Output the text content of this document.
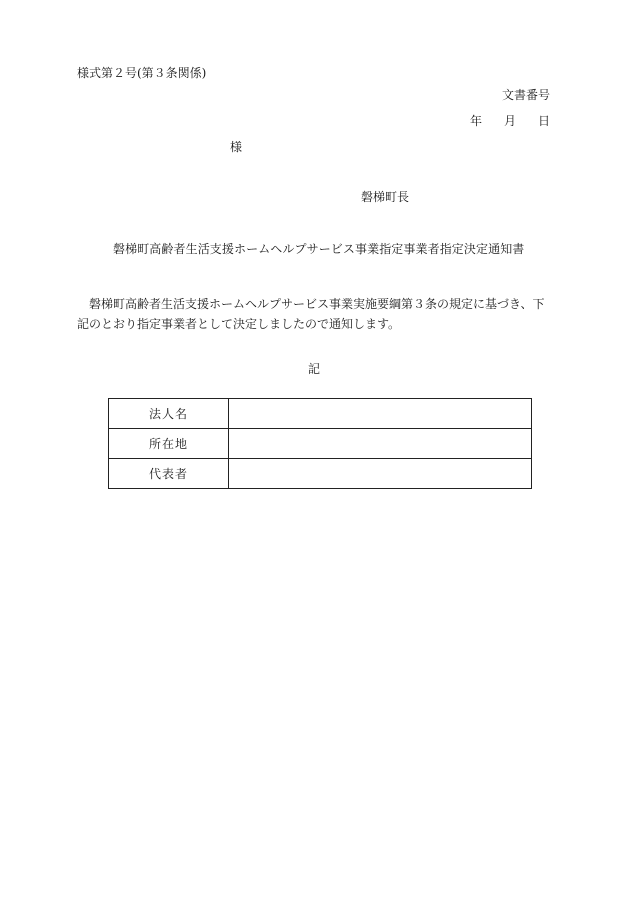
様式第２号(第３条関係)
文書番号
年 月 日
様
磐梯町長
磐梯町高齢者生活支援ホームヘルプサービス事業指定事業者指定決定通知書
磐梯町高齢者生活支援ホームヘルプサービス事業実施要綱第３条の規定に基づき、下記のとおり指定事業者として決定しましたので通知します。
記
法人名	
所在地	
代表者	
